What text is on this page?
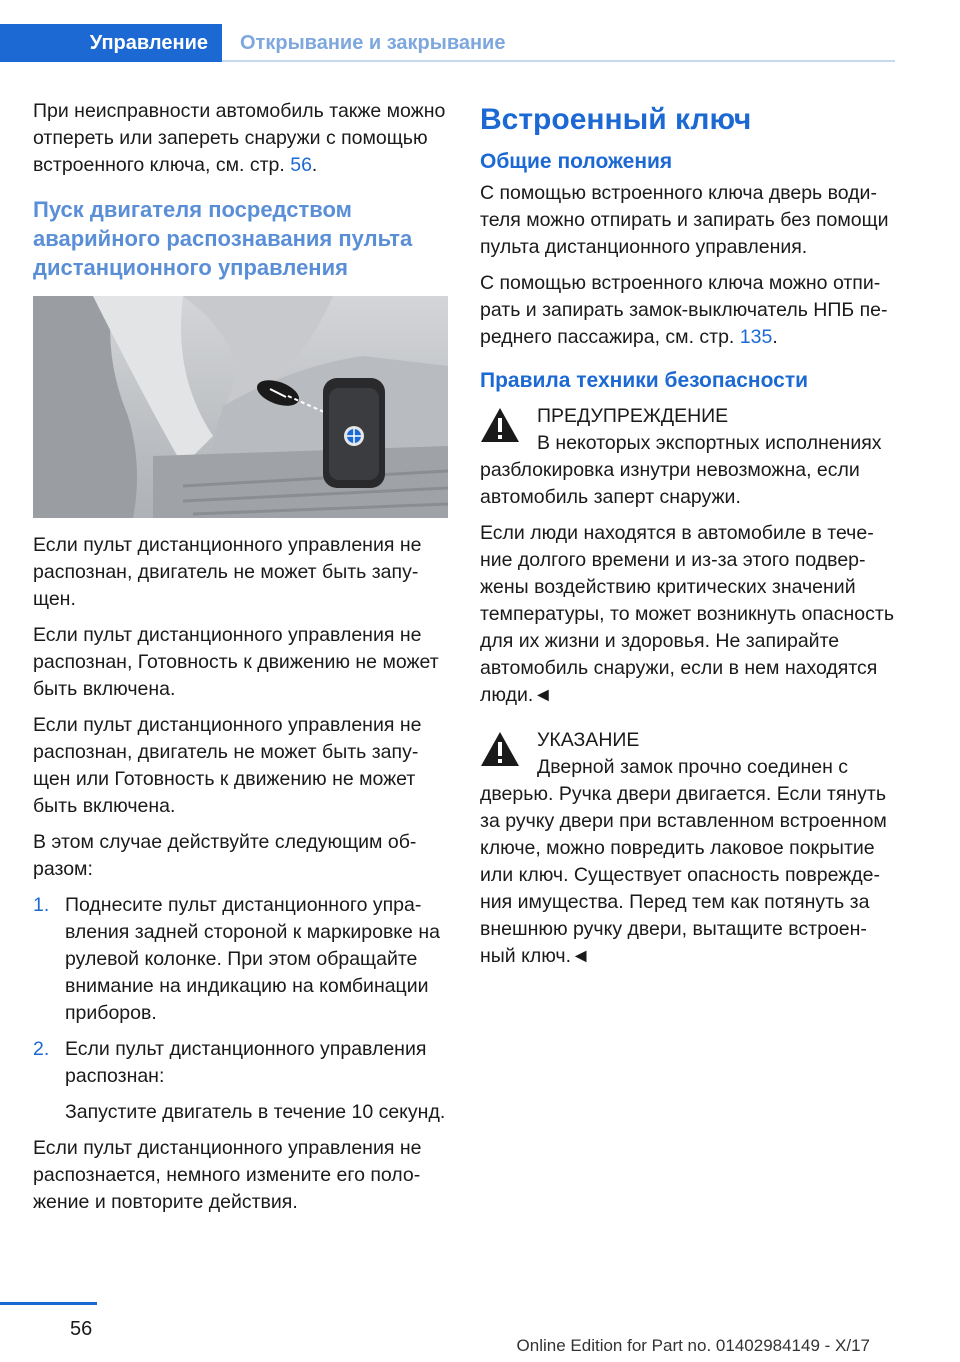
Управление Открывание и закрывание

При неисправности автомобиль также можно отпереть или запереть снаружи с помощью встроенного ключа, см. стр. 56.

Пуск двигателя посредством аварийного распознавания пульта дистанционного управления

Если пульт дистанционного управления не распознан, двигатель не может быть запущен.

Если пульт дистанционного управления не распознан, Готовность к движению не может быть включена.

Если пульт дистанционного управления не распознан, двигатель не может быть запущен или Готовность к движению не может быть включена.

В этом случае действуйте следующим образом:

1. Поднесите пульт дистанционного управления задней стороной к маркировке на рулевой колонке. При этом обращайте внимание на индикацию на комбинации приборов.
2. Если пульт дистанционного управления распознан:
Запустите двигатель в течение 10 секунд.

Если пульт дистанционного управления не распознается, немного измените его положение и повторите действия.

Встроенный ключ
Общие положения

С помощью встроенного ключа дверь водителя можно отпирать и запирать без помощи пульта дистанционного управления.

С помощью встроенного ключа можно отпирать и запирать замок-выключатель НПБ переднего пассажира, см. стр. 135.

Правила техники безопасности
ПРЕДУПРЕЖДЕНИЕ
В некоторых экспортных исполнениях
разблокировка изнутри невозможна, если автомобиль заперт снаружи.

Если люди находятся в автомобиле в течение долгого времени и из-за этого подвержены воздействию критических значений температуры, то может возникнуть опасность для их жизни и здоровья. Не запирайте автомобиль снаружи, если в нем находятся люди.◄

УКАЗАНИЕ
Дверной замок прочно соединен с
дверью. Ручка двери двигается. Если тянуть за ручку двери при вставленном встроенном ключе, можно повредить лаковое покрытие или ключ. Существует опасность повреждения имущества. Перед тем как потянуть за внешнюю ручку двери, вытащите встроенный ключ.◄
56
Online Edition for Part no. 01402984149 - X/17
